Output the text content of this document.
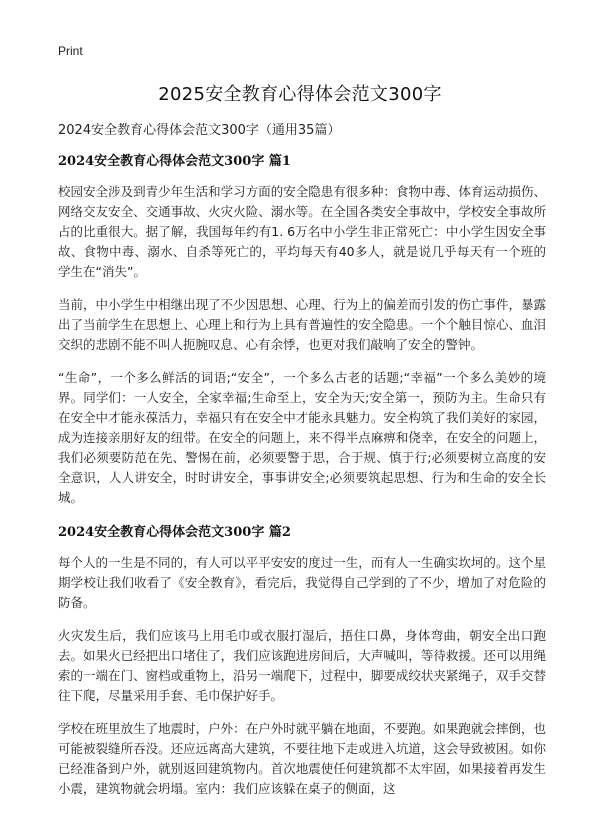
Print
2025安全教育心得体会范文300字

2024安全教育心得体会范文300字（通用35篇）

2024安全教育心得体会范文300字 篇1

校园安全涉及到青少年生活和学习方面的安全隐患有很多种：食物中毒、体育运动损伤、网络交友安全、交通事故、火灾火险、溺水等。在全国各类安全事故中，学校安全事故所占的比重很大。据了解，我国每年约有1. 6万名中小学生非正常死亡：中小学生因安全事故、食物中毒、溺水、自杀等死亡的，平均每天有40多人，就是说几乎每天有一个班的学生在“消失”。

当前，中小学生中相继出现了不少因思想、心理、行为上的偏差而引发的伤亡事件，暴露出了当前学生在思想上、心理上和行为上具有普遍性的安全隐患。一个个触目惊心、血泪交织的悲剧不能不叫人扼腕叹息、心有余悸，也更对我们敲响了安全的警钟。

“生命”，一个多么鲜活的词语;“安全”，一个多么古老的话题;“幸福”一个多么美妙的境界。同学们：一人安全，全家幸福;生命至上，安全为天;安全第一，预防为主。生命只有在安全中才能永葆活力，幸福只有在安全中才能永具魅力。安全构筑了我们美好的家园，成为连接亲朋好友的纽带。在安全的问题上，来不得半点麻痹和侥幸，在安全的问题上，我们必须要防范在先、警惕在前，必须要警于思，合于规、慎于行;必须要树立高度的安全意识，人人讲安全，时时讲安全，事事讲安全;必须要筑起思想、行为和生命的安全长城。

2024安全教育心得体会范文300字 篇2

每个人的一生是不同的，有人可以平平安安的度过一生，而有人一生确实坎坷的。这个星期学校让我们收看了《安全教育》，看完后，我觉得自己学到的了不少，增加了对危险的防备。

火灾发生后，我们应该马上用毛巾或衣服打湿后，捂住口鼻，身体弯曲，朝安全出口跑去。如果火已经把出口堵住了，我们应该跑进房间后，大声喊叫，等待救援。还可以用绳索的一端在门、窗档或重物上，沿另一端爬下，过程中，脚要成绞状夹紧绳子，双手交替往下爬，尽量采用手套、毛巾保护好手。

学校在班里放生了地震时，户外：在户外时就平躺在地面，不要跑。如果跑就会摔倒，也可能被裂缝所吞没。还应远离高大建筑，不要往地下走或进入坑道，这会导致被困。如你已经准备到户外，就别返回建筑物内。首次地震使任何建筑都不太牢固，如果接着再发生小震，建筑物就会坍塌。室内：我们应该躲在桌子的侧面，这
